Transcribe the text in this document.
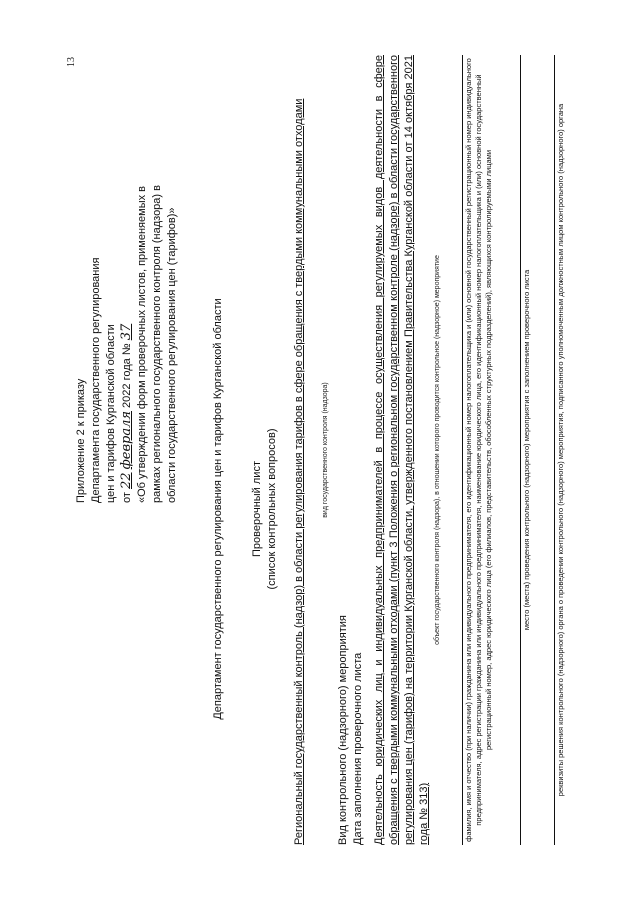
13
Приложение 2 к приказу Департамента государственного регулирования цен и тарифов Курганской области от 22 февраля 2022 года № 37 «Об утверждении форм проверочных листов, применяемых в рамках регионального государственного контроля (надзора) в области государственного регулирования цен (тарифов)»	Департамент государственного регулирования цен и тарифов Курганской области Проверочный лист (список контрольных вопросов) Региональный государственный контроль (надзор) в области регулирования тарифов в сфере обращения с твердыми коммунальными отходами вид государственного контроля (надзора)
Вид контрольного (надзорного) мероприятия Дата заполнения проверочного листа Деятельность юридических лиц и индивидуальных предпринимателей в процессе осуществления регулируемых видов деятельности в сфере обращения с твердыми коммунальными отходами (пункт 3 Положения о региональном государственном контроле (надзоре) в области государственного регулирования цен (тарифов) на территории Курганской области, утвержденного постановлением Правительства Курганской области от 14 октября 2021 года № 313)
объект государственного контроля (надзора), в отношении которого проводится контрольное (надзорное) мероприятие	фамилия, имя и отчество (при наличии) гражданина или индивидуального предпринимателя, его идентификационный номер налогоплательщика и (или) основной государственный регистрационный номер индивидуального предпринимателя, адрес регистрации гражданина или индивидуального предпринимателя, наименование юридического лица, его идентификационный номер налогоплательщика и (или) основной государственный регистрационный номер, адрес юридического лица (его филиалов, представительств, обособленных структурных подразделений), являющихся контролируемыми лицами	место (места) проведения контрольного (надзорного) мероприятия с заполнением проверочного листа	реквизиты решения контрольного (надзорного) органа о проведении контрольного (надзорного) мероприятия, подписанного уполномоченным должностным лицом контрольного (надзорного) органа
